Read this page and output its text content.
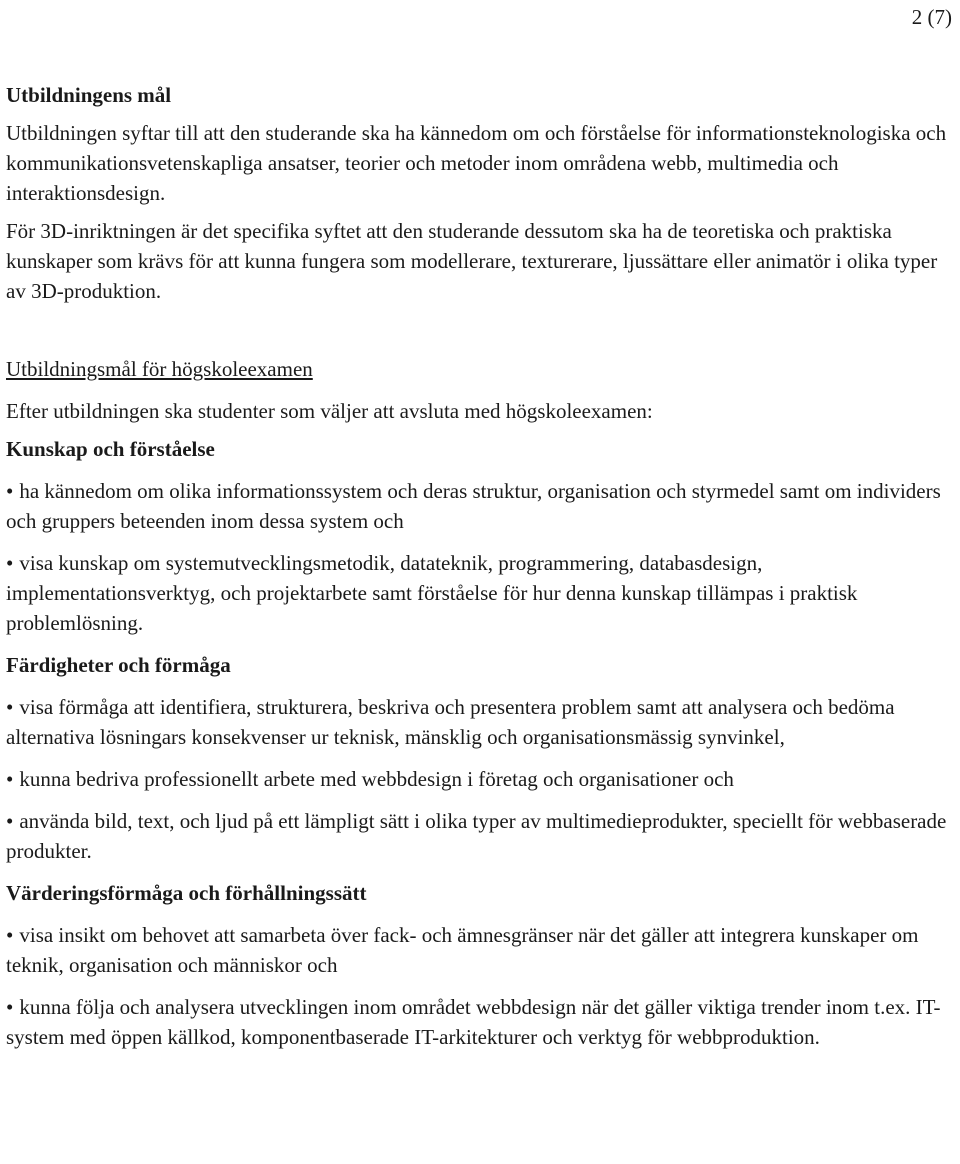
2 (7)
Utbildningens mål

Utbildningen syftar till att den studerande ska ha kännedom om och förståelse för informationsteknologiska och kommunikationsvetenskapliga ansatser, teorier och metoder inom områdena webb, multimedia och interaktionsdesign.

För 3D-inriktningen är det specifika syftet att den studerande dessutom ska ha de teoretiska och praktiska kunskaper som krävs för att kunna fungera som modellerare, texturerare, ljussättare eller animatör i olika typer av 3D-produktion.

Utbildningsmål för högskoleexamen

Efter utbildningen ska studenter som väljer att avsluta med högskoleexamen:

Kunskap och förståelse

• ha kännedom om olika informationssystem och deras struktur, organisation och styrmedel samt om individers och gruppers beteenden inom dessa system och
• visa kunskap om systemutvecklingsmetodik, datateknik, programmering, databasdesign, implementationsverktyg, och projektarbete samt förståelse för hur denna kunskap tillämpas i praktisk problemlösning.

Färdigheter och förmåga

• visa förmåga att identifiera, strukturera, beskriva och presentera problem samt att analysera och bedöma alternativa lösningars konsekvenser ur teknisk, mänsklig och organisationsmässig synvinkel,
• kunna bedriva professionellt arbete med webbdesign i företag och organisationer och
• använda bild, text, och ljud på ett lämpligt sätt i olika typer av multimedieprodukter, speciellt för webbaserade produkter.

Värderingsförmåga och förhållningssätt

• visa insikt om behovet att samarbeta över fack- och ämnesgränser när det gäller att integrera kunskaper om teknik, organisation och människor och
• kunna följa och analysera utvecklingen inom området webbdesign när det gäller viktiga trender inom t.ex. IT-system med öppen källkod, komponentbaserade IT-arkitekturer och verktyg för webbproduktion.
